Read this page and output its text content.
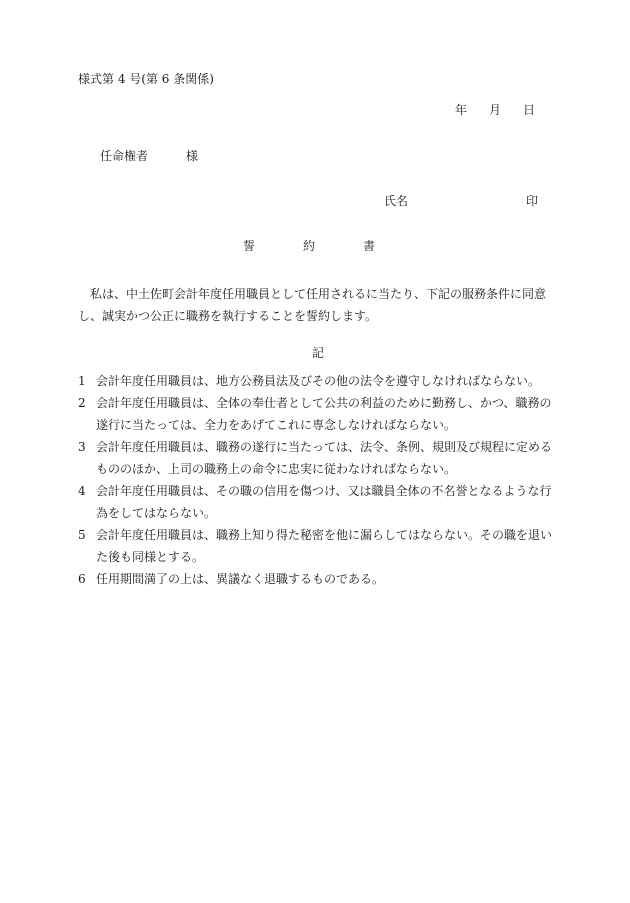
様式第 4 号(第 6 条関係)
年 月 日
任命権者	様
氏名	印
誓	約	書
私は、中土佐町会計年度任用職員として任用されるに当たり、下記の服務条件に同意し、誠実かつ公正に職務を執行することを誓約します。
記
1 会計年度任用職員は、地方公務員法及びその他の法令を遵守しなければならない。
2 会計年度任用職員は、全体の奉仕者として公共の利益のために勤務し、かつ、職務の遂行に当たっては、全力をあげてこれに専念しなければならない。
3 会計年度任用職員は、職務の遂行に当たっては、法令、条例、規則及び規程に定めるもののほか、上司の職務上の命令に忠実に従わなければならない。
4 会計年度任用職員は、その職の信用を傷つけ、又は職員全体の不名誉となるような行為をしてはならない。
5 会計年度任用職員は、職務上知り得た秘密を他に漏らしてはならない。その職を退いた後も同様とする。
6 任用期間満了の上は、異議なく退職するものである。
